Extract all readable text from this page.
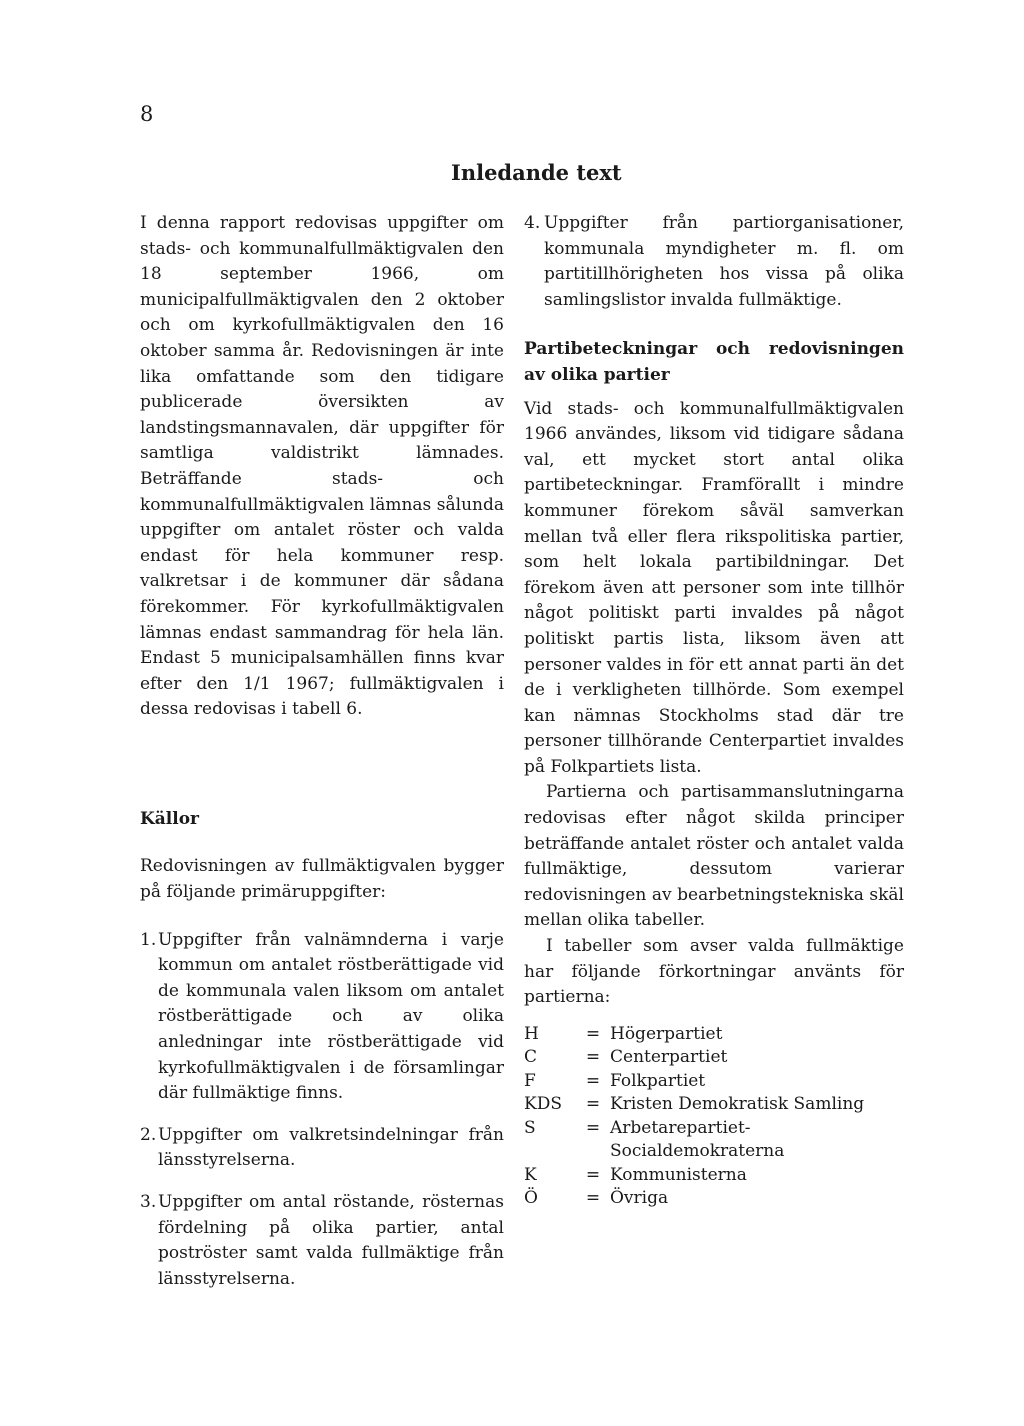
8
Inledande text

I denna rapport redovisas uppgifter om stads- och kommunalfullmäktigvalen den 18 september 1966, om municipalfullmäktigvalen den 2 oktober och om kyrkofullmäktigvalen den 16 oktober samma år. Redovisningen är inte lika omfattande som den tidigare publicerade översikten av landstingsmannavalen, där uppgifter för samtliga valdistrikt lämnades. Beträffande stads- och kommunalfullmäktigvalen lämnas sålunda uppgifter om antalet röster och valda endast för hela kommuner resp. valkretsar i de kommuner där sådana förekommer. För kyrkofullmäktigvalen lämnas endast sammandrag för hela län. Endast 5 municipalsamhällen finns kvar efter den 1/1 1967; fullmäktigvalen i dessa redovisas i tabell 6.

Källor

Redovisningen av fullmäktigvalen bygger på följande primäruppgifter:

1. Uppgifter från valnämnderna i varje kommun om antalet röstberättigade vid de kommunala valen liksom om antalet röstberättigade och av olika anledningar inte röstberättigade vid kyrkofullmäktigvalen i de församlingar där fullmäktige finns.
2. Uppgifter om valkretsindelningar från länsstyrelserna.
3. Uppgifter om antal röstande, rösternas fördelning på olika partier, antal poströster samt valda fullmäktige från länsstyrelserna.
4. Uppgifter från partiorganisationer, kommunala myndigheter m. fl. om partitillhörigheten hos vissa på olika samlingslistor invalda fullmäktige.

Partibeteckningar och redovisningen av olika partier

Vid stads- och kommunalfullmäktigvalen 1966 användes, liksom vid tidigare sådana val, ett mycket stort antal olika partibeteckningar. Framförallt i mindre kommuner förekom såväl samverkan mellan två eller flera rikspolitiska partier, som helt lokala partibildningar. Det förekom även att personer som inte tillhör något politiskt parti invaldes på något politiskt partis lista, liksom även att personer valdes in för ett annat parti än det de i verkligheten tillhörde. Som exempel kan nämnas Stockholms stad där tre personer tillhörande Centerpartiet invaldes på Folkpartiets lista.

Partierna och partisammanslutningarna redovisas efter något skilda principer beträffande antalet röster och antalet valda fullmäktige, dessutom varierar redovisningen av bearbetningstekniska skäl mellan olika tabeller.

I tabeller som avser valda fullmäktige har följande förkortningar använts för partierna:

H	=	Högerpartiet
C	=	Centerpartiet
F	=	Folkpartiet
KDS	=	Kristen Demokratisk Samling
S	=	Arbetarepartiet-Socialdemokraterna
K	=	Kommunisterna
Ö	=	Övriga
